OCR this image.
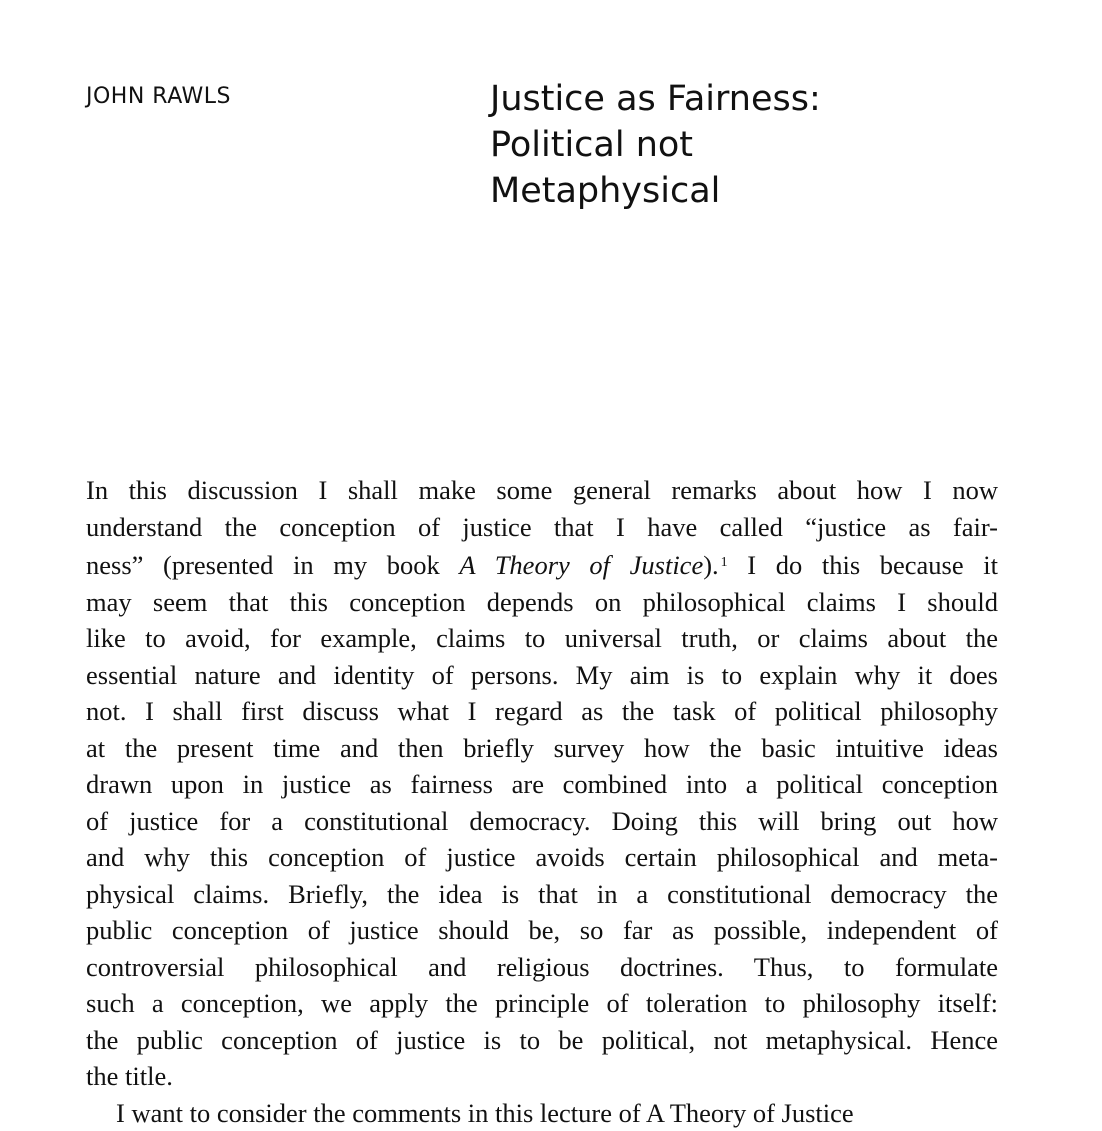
JOHN RAWLS	Justice as Fairness:
Political not
Metaphysical

In this discussion I shall make some general remarks about how I now
understand the conception of justice that I have called “justice as fair-
ness” (presented in my book A Theory of Justice). $^1$ I do this because it
may seem that this conception depends on philosophical claims I should
like to avoid, for example, claims to universal truth, or claims about the
essential nature and identity of persons. My aim is to explain why it does
not. I shall first discuss what I regard as the task of political philosophy
at the present time and then briefly survey how the basic intuitive ideas
drawn upon in justice as fairness are combined into a political conception
of justice for a constitutional democracy. Doing this will bring out how
and why this conception of justice avoids certain philosophical and meta-
physical claims. Briefly, the idea is that in a constitutional democracy the
public conception of justice should be, so far as possible, independent of
controversial philosophical and religious doctrines. Thus, to formulate
such a conception, we apply the principle of toleration to philosophy itself:
the public conception of justice is to be political, not metaphysical. Hence
the title.
I want to consider the comments in this lecture of A Theory of Justice
